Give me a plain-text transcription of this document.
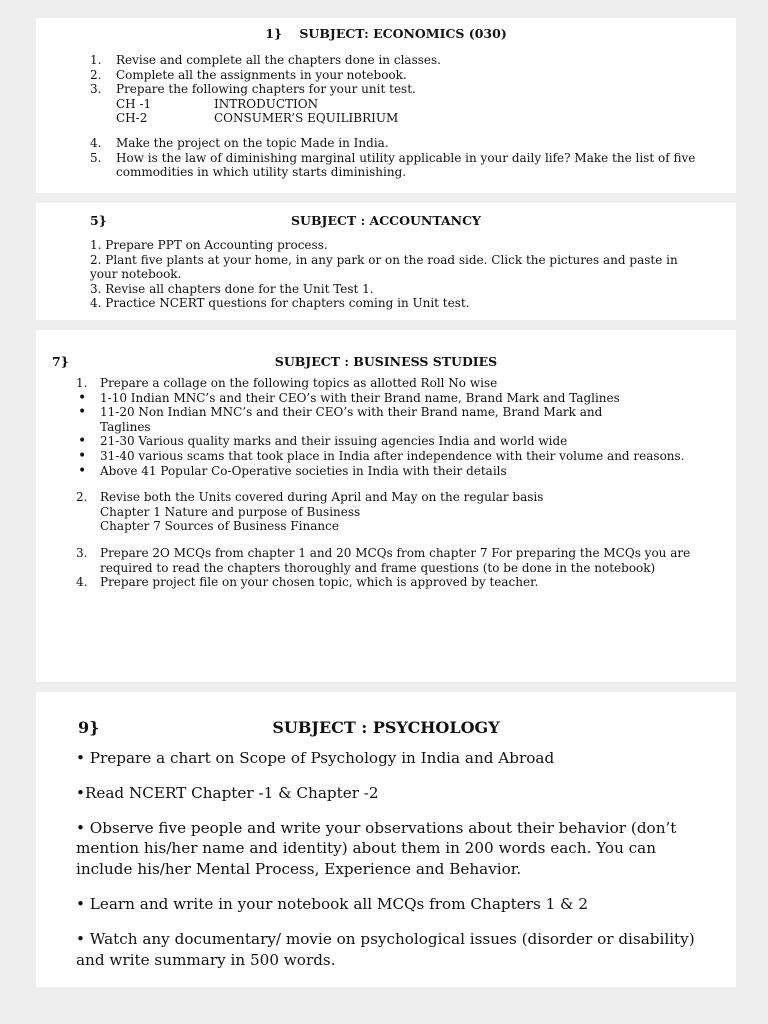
1}    SUBJECT: ECONOMICS (030)
1.	Revise and complete all the chapters done in classes.
2.	Complete all the assignments in your notebook.
3.	Prepare the following chapters for your unit test.
CH -1	INTRODUCTION
CH-2	CONSUMER’S EQUILIBRIUM
4.	Make the project on the topic Made in India.
5.	How is the law of diminishing marginal utility applicable in your daily life? Make the list of five commodities in which utility starts diminishing.
5}	SUBJECT : ACCOUNTANCY
1. Prepare PPT on Accounting process.
2. Plant five plants at your home, in any park or on the road side. Click the pictures and paste in your notebook.
3. Revise all chapters done for the Unit Test 1.
4. Practice NCERT questions for chapters coming in Unit test.
7}	SUBJECT : BUSINESS STUDIES
1.	Prepare a collage on the following topics as allotted Roll No wise
•	1-10 Indian MNC’s and their CEO’s with their Brand name, Brand Mark and Taglines
•	11-20 Non Indian MNC’s and their CEO’s with their Brand name, Brand Mark and
Taglines
•	21-30 Various quality marks and their issuing agencies India and world wide
•	31-40 various scams that took place in India after independence with their volume and reasons.
•	Above 41 Popular Co-Operative societies in India with their details
2.	Revise both the Units covered during April and May on the regular basis
Chapter 1 Nature and purpose of Business
Chapter 7 Sources of Business Finance
3.	Prepare 2O MCQs from chapter 1 and 20 MCQs from chapter 7 For preparing the MCQs you are required to read the chapters thoroughly and frame questions (to be done in the notebook)
4.	Prepare project file on your chosen topic, which is approved by teacher.
9}	SUBJECT : PSYCHOLOGY
• Prepare a chart on Scope of Psychology in India and Abroad
•Read NCERT Chapter -1 & Chapter -2
• Observe five people and write your observations about their behavior (don’t mention his/her name and identity) about them in 200 words each. You can include his/her Mental Process, Experience and Behavior.
• Learn and write in your notebook all MCQs from Chapters 1 & 2
• Watch any documentary/ movie on psychological issues (disorder or disability) and write summary in 500 words.
